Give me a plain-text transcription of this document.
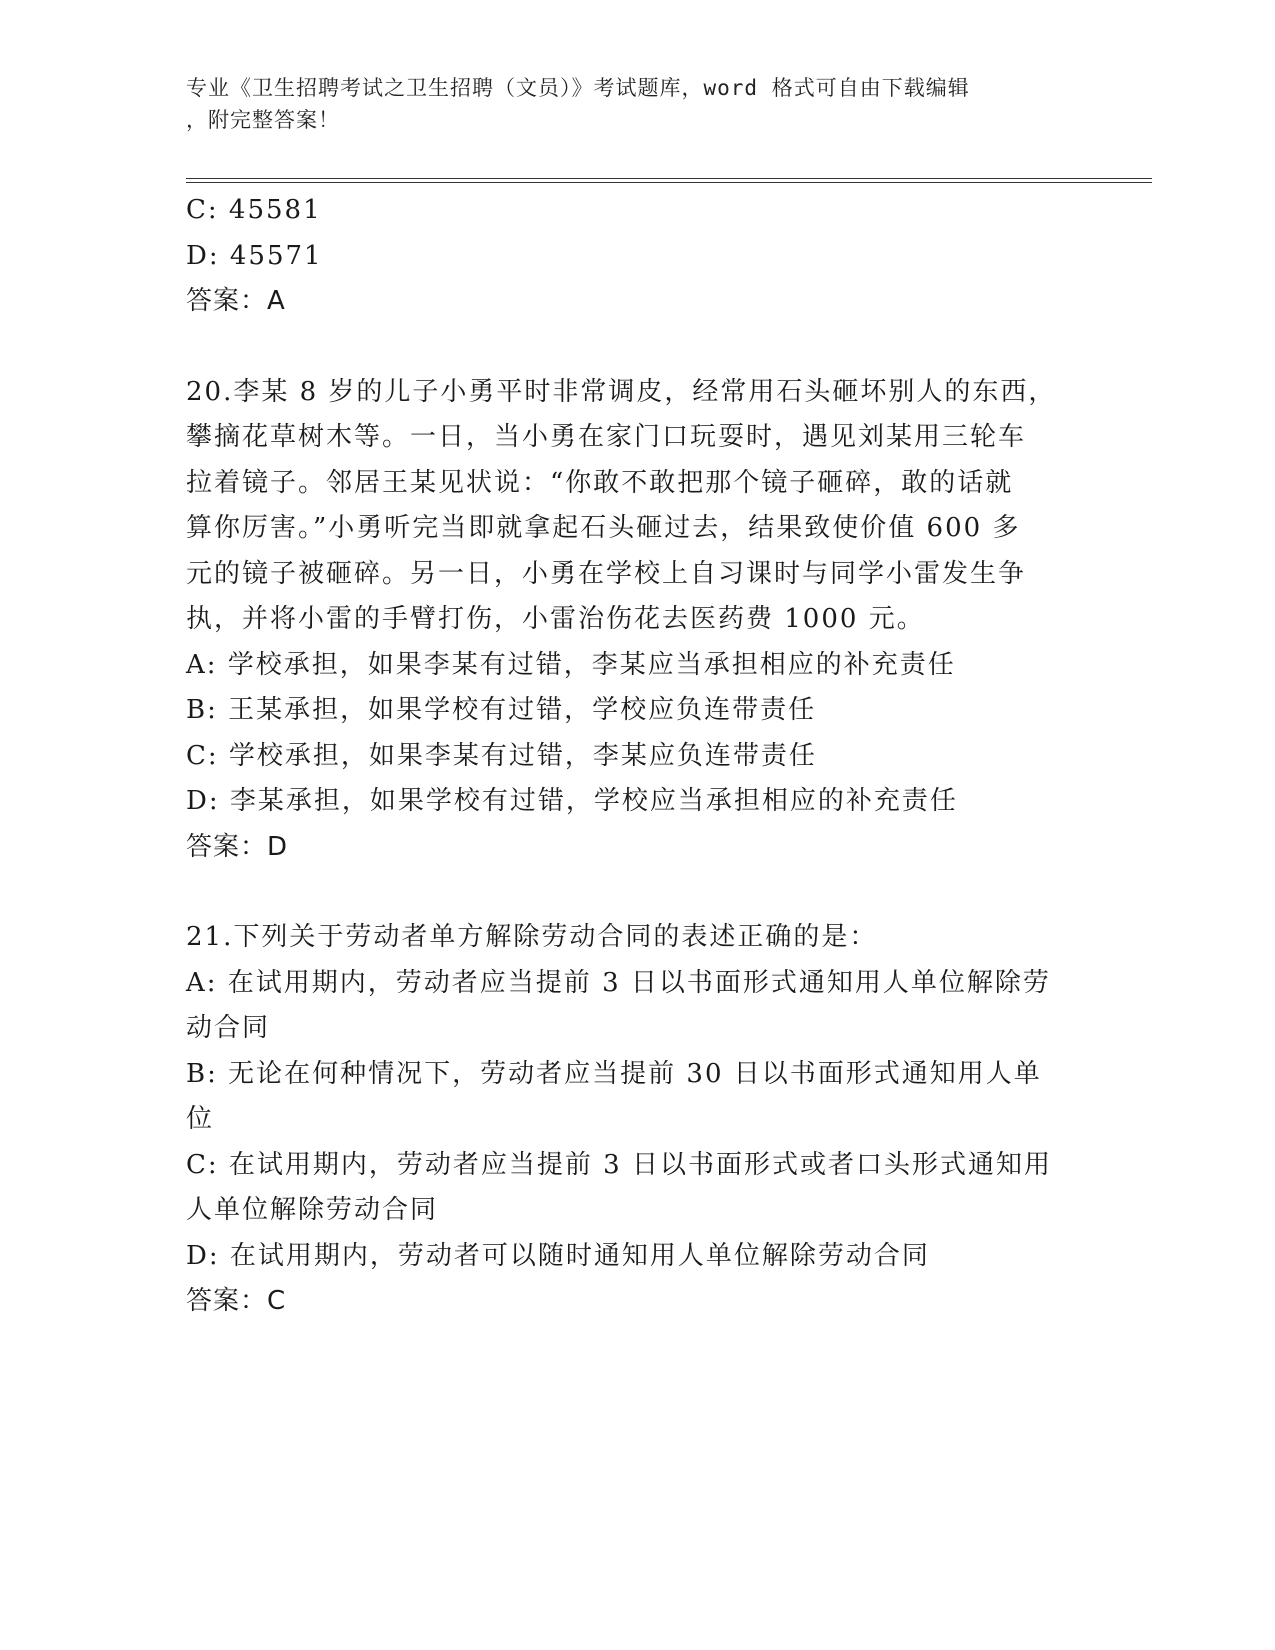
专业《卫生招聘考试之卫生招聘（文员）》考试题库，word 格式可自由下载编辑
，附完整答案！

C: 45581

D: 45571

答案：A

20.李某 8 岁的儿子小勇平时非常调皮，经常用石头砸坏别人的东西，

攀摘花草树木等。一日，当小勇在家门口玩耍时，遇见刘某用三轮车

拉着镜子。邻居王某见状说：“你敢不敢把那个镜子砸碎，敢的话就

算你厉害。”小勇听完当即就拿起石头砸过去，结果致使价值 600 多

元的镜子被砸碎。另一日，小勇在学校上自习课时与同学小雷发生争

执，并将小雷的手臂打伤，小雷治伤花去医药费 1000 元。

A: 学校承担，如果李某有过错，李某应当承担相应的补充责任

B: 王某承担，如果学校有过错，学校应负连带责任

C: 学校承担，如果李某有过错，李某应负连带责任

D: 李某承担，如果学校有过错，学校应当承担相应的补充责任

答案：D

21.下列关于劳动者单方解除劳动合同的表述正确的是：

A: 在试用期内，劳动者应当提前 3 日以书面形式通知用人单位解除劳

动合同

B: 无论在何种情况下，劳动者应当提前 30 日以书面形式通知用人单

位

C: 在试用期内，劳动者应当提前 3 日以书面形式或者口头形式通知用

人单位解除劳动合同

D: 在试用期内，劳动者可以随时通知用人单位解除劳动合同

答案：C
